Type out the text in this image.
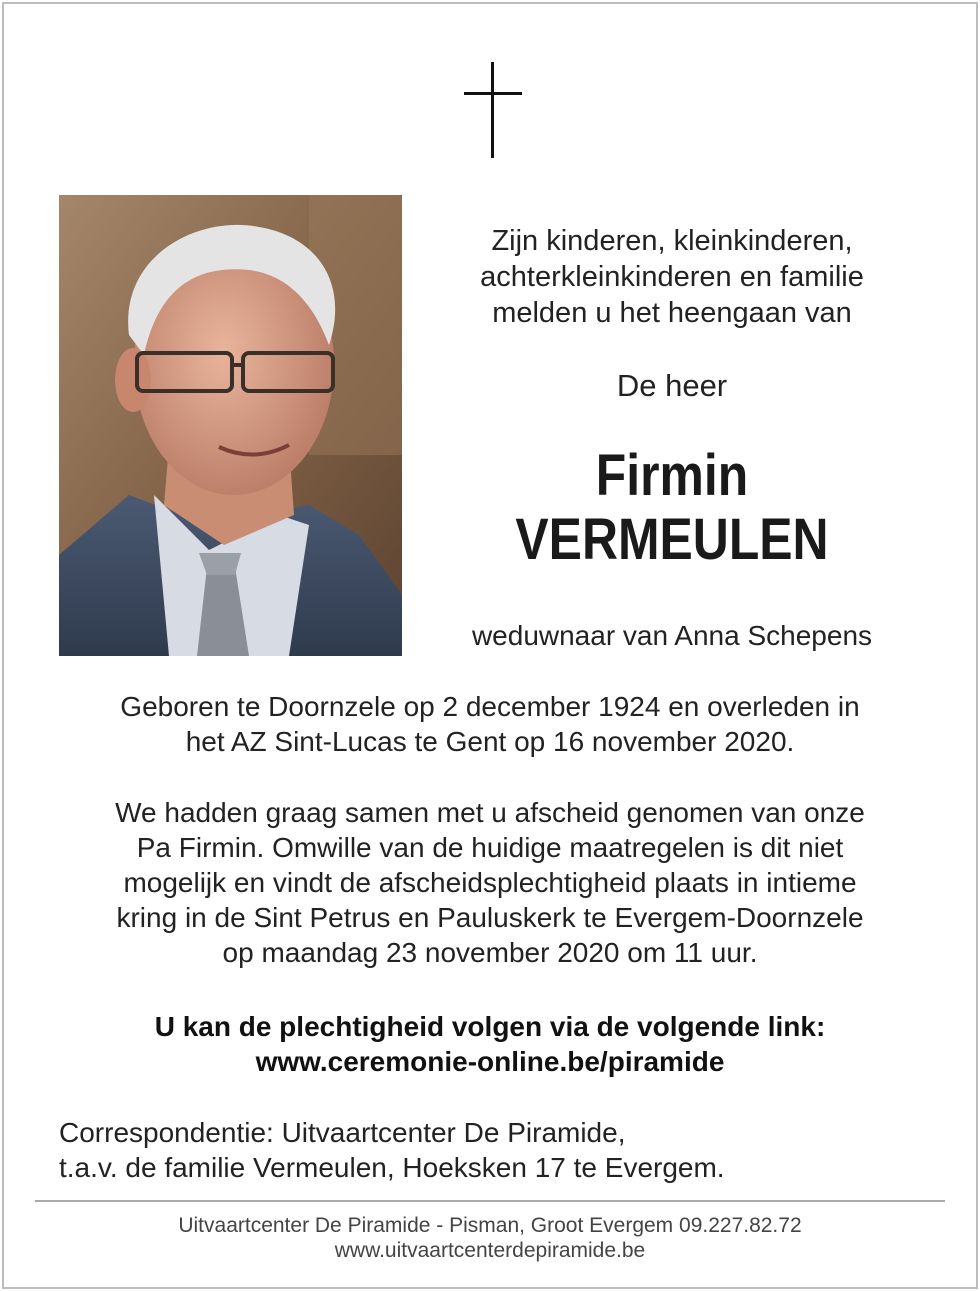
Zijn kinderen, kleinkinderen,
achterkleinkinderen en familie
melden u het heengaan van
De heer
Firmin
VERMEULEN
weduwnaar van Anna Schepens
Geboren te Doornzele op 2 december 1924 en overleden in
het AZ Sint-Lucas te Gent op 16 november 2020.
We hadden graag samen met u afscheid genomen van onze
Pa Firmin. Omwille van de huidige maatregelen is dit niet
mogelijk en vindt de afscheidsplechtigheid plaats in intieme
kring in de Sint Petrus en Pauluskerk te Evergem-Doornzele
op maandag 23 november 2020 om 11 uur.
U kan de plechtigheid volgen via de volgende link:
www.ceremonie-online.be/piramide
Correspondentie: Uitvaartcenter De Piramide,
t.a.v. de familie Vermeulen, Hoeksken 17 te Evergem.
Uitvaartcenter De Piramide - Pisman, Groot Evergem 09.227.82.72
www.uitvaartcenterdepiramide.be
